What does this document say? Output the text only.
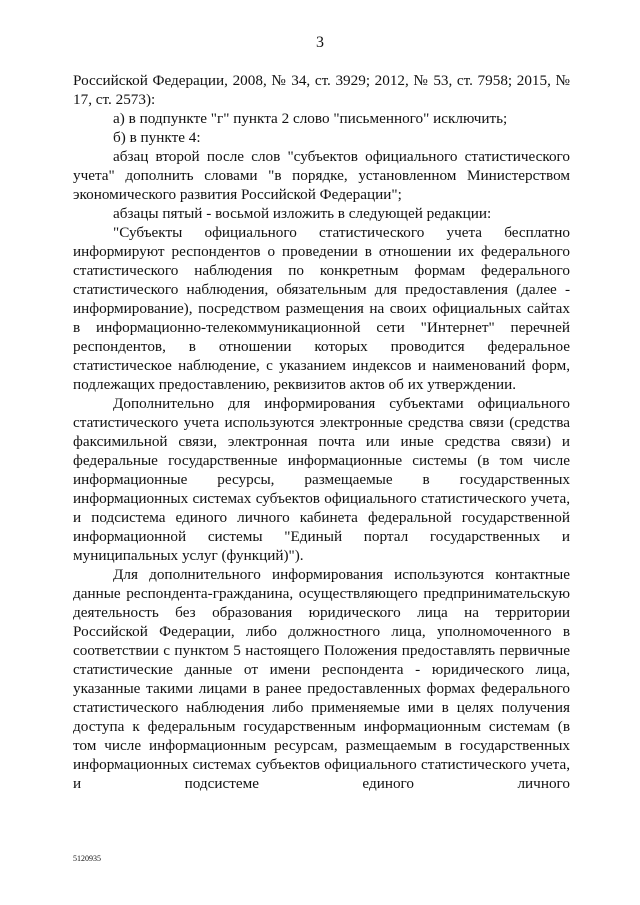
3

Российской Федерации, 2008, № 34, ст. 3929; 2012, № 53, ст. 7958; 2015, № 17, ст. 2573):

а) в подпункте "г" пункта 2 слово "письменного" исключить;

б) в пункте 4:

абзац второй после слов "субъектов официального статистического учета" дополнить словами "в порядке, установленном Министерством экономического развития Российской Федерации";

абзацы пятый - восьмой изложить в следующей редакции:

"Субъекты официального статистического учета бесплатно информируют респондентов о проведении в отношении их федерального статистического наблюдения по конкретным формам федерального статистического наблюдения, обязательным для предоставления (далее - информирование), посредством размещения на своих официальных сайтах в информационно-телекоммуникационной сети "Интернет" перечней респондентов, в отношении которых проводится федеральное статистическое наблюдение, с указанием индексов и наименований форм, подлежащих предоставлению, реквизитов актов об их утверждении.

Дополнительно для информирования субъектами официального статистического учета используются электронные средства связи (средства факсимильной связи, электронная почта или иные средства связи) и федеральные государственные информационные системы (в том числе информационные ресурсы, размещаемые в государственных информационных системах субъектов официального статистического учета, и подсистема единого личного кабинета федеральной государственной информационной системы "Единый портал государственных и муниципальных услуг (функций)").

Для дополнительного информирования используются контактные данные респондента-гражданина, осуществляющего предпринимательскую деятельность без образования юридического лица на территории Российской Федерации, либо должностного лица, уполномоченного в соответствии с пунктом 5 настоящего Положения предоставлять первичные статистические данные от имени респондента - юридического лица, указанные такими лицами в ранее предоставленных формах федерального статистического наблюдения либо применяемые ими в целях получения доступа к федеральным государственным информационным системам (в том числе информационным ресурсам, размещаемым в государственных информационных системах субъектов официального статистического учета, и подсистеме единого личного

5120935
